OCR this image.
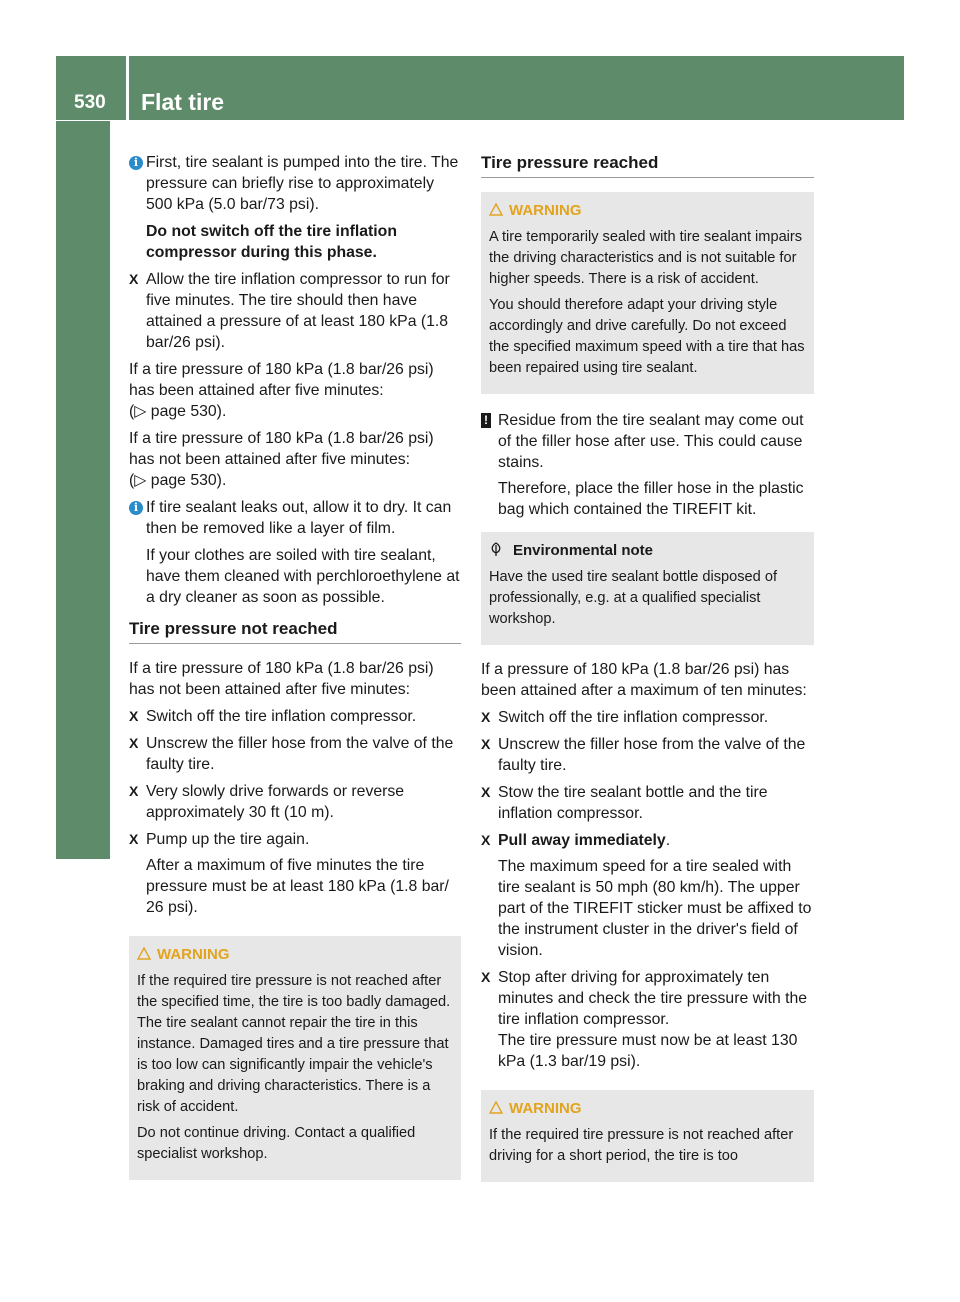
530 Flat tire
Breakdown assistance
i First, tire sealant is pumped into the tire. The pressure can briefly rise to approximately 500 kPa (5.0 bar/73 psi).

Do not switch off the tire inflation compressor during this phase.

X Allow the tire inflation compressor to run for five minutes. The tire should then have attained a pressure of at least 180 kPa (1.8 bar/26 psi).

If a tire pressure of 180 kPa (1.8 bar/26 psi) has been attained after five minutes:
(▷ page 530).

If a tire pressure of 180 kPa (1.8 bar/26 psi) has not been attained after five minutes:
(▷ page 530).

i If tire sealant leaks out, allow it to dry. It can then be removed like a layer of film.

If your clothes are soiled with tire sealant, have them cleaned with perchloroethylene at a dry cleaner as soon as possible.

Tire pressure not reached

If a tire pressure of 180 kPa (1.8 bar/26 psi) has not been attained after five minutes:

X Switch off the tire inflation compressor.

X Unscrew the filler hose from the valve of the faulty tire.

X Very slowly drive forwards or reverse approximately 30 ft (10 m).

X Pump up the tire again.

After a maximum of five minutes the tire pressure must be at least 180 kPa (1.8 bar/ 26 psi).

WARNING

If the required tire pressure is not reached after the specified time, the tire is too badly damaged. The tire sealant cannot repair the tire in this instance. Damaged tires and a tire pressure that is too low can significantly impair the vehicle's braking and driving characteristics. There is a risk of accident.

Do not continue driving. Contact a qualified specialist workshop.

Tire pressure reached
WARNING

A tire temporarily sealed with tire sealant impairs the driving characteristics and is not suitable for higher speeds. There is a risk of accident.

You should therefore adapt your driving style accordingly and drive carefully. Do not exceed the specified maximum speed with a tire that has been repaired using tire sealant.

! Residue from the tire sealant may come out of the filler hose after use. This could cause stains.

Therefore, place the filler hose in the plastic bag which contained the TIREFIT kit.

Environmental note

Have the used tire sealant bottle disposed of professionally, e.g. at a qualified specialist workshop.

If a pressure of 180 kPa (1.8 bar/26 psi) has been attained after a maximum of ten minutes:

X Switch off the tire inflation compressor.

X Unscrew the filler hose from the valve of the faulty tire.

X Stow the tire sealant bottle and the tire inflation compressor.

X Pull away immediately.

The maximum speed for a tire sealed with tire sealant is 50 mph (80 km/h). The upper part of the TIREFIT sticker must be affixed to the instrument cluster in the driver's field of vision.

X Stop after driving for approximately ten minutes and check the tire pressure with the tire inflation compressor.

The tire pressure must now be at least 130 kPa (1.3 bar/19 psi).

WARNING

If the required tire pressure is not reached after driving for a short period, the tire is too
